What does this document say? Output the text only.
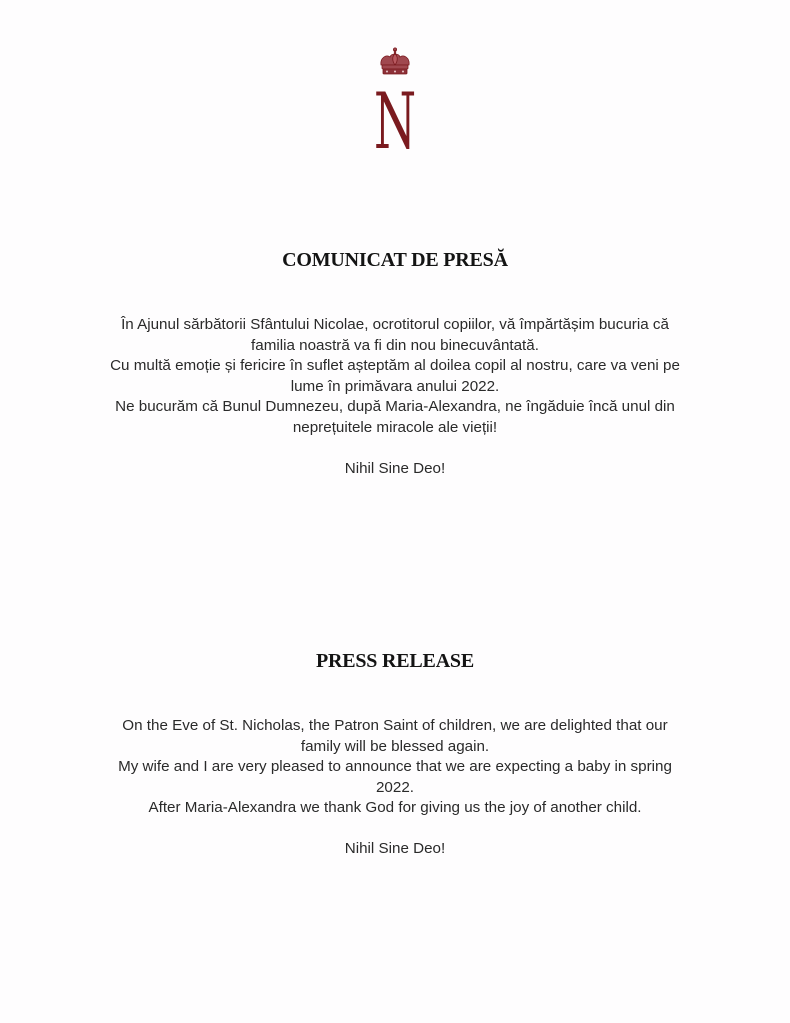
N
COMUNICAT DE PRESĂ
În Ajunul sărbătorii Sfântului Nicolae, ocrotitorul copiilor, vă împărtășim bucuria că
familia noastră va fi din nou binecuvântată.
Cu multă emoție și fericire în suflet așteptăm al doilea copil al nostru, care va veni pe
lume în primăvara anului 2022.
Ne bucurăm că Bunul Dumnezeu, după Maria-Alexandra, ne îngăduie încă unul din
neprețuitele miracole ale vieții!
Nihil Sine Deo!
PRESS RELEASE
On the Eve of St. Nicholas, the Patron Saint of children, we are delighted that our
family will be blessed again.
My wife and I are very pleased to announce that we are expecting a baby in spring
2022.
After Maria-Alexandra we thank God for giving us the joy of another child.
Nihil Sine Deo!
